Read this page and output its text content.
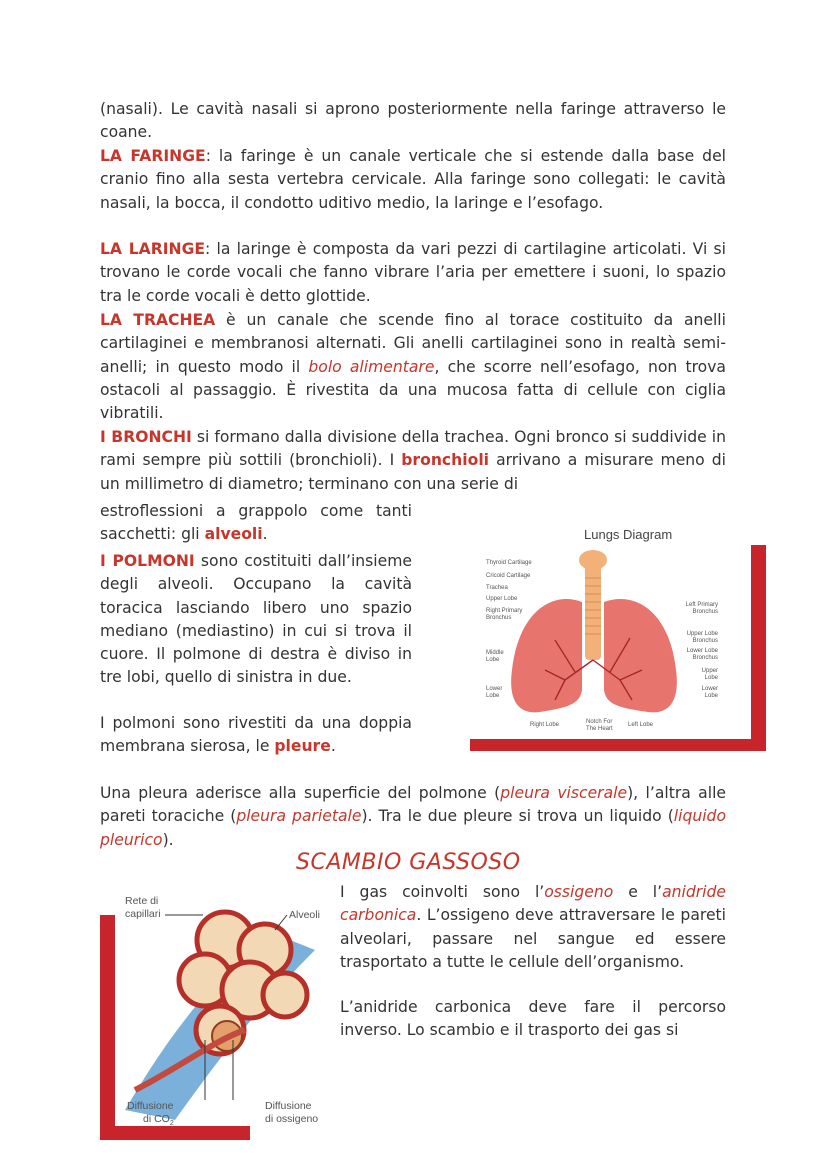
(nasali). Le cavità nasali si aprono posteriormente nella faringe attraverso le coane.
LA FARINGE: la faringe è un canale verticale che si estende dalla base del cranio fino alla sesta vertebra cervicale. Alla faringe sono collegati: le cavità nasali, la bocca, il condotto uditivo medio, la laringe e l’esofago.
LA LARINGE: la laringe è composta da vari pezzi di cartilagine articolati. Vi si trovano le corde vocali che fanno vibrare l’aria per emettere i suoni, lo spazio tra le corde vocali è detto glottide.
LA TRACHEA è un canale che scende fino al torace costituito da anelli cartilaginei e membranosi alternati. Gli anelli cartilaginei sono in realtà semi-anelli; in questo modo il bolo alimentare, che scorre nell’esofago, non trova ostacoli al passaggio. È rivestita da una mucosa fatta di cellule con ciglia vibratili.
I BRONCHI si formano dalla divisione della trachea. Ogni bronco si suddivide in rami sempre più sottili (bronchioli). I bronchioli arrivano a misurare meno di un millimetro di diametro; terminano con una serie di
estroflessioni a grappolo come tanti sacchetti: gli alveoli.
I POLMONI sono costituiti dall’insieme degli alveoli. Occupano la cavità toracica lasciando libero uno spazio mediano (mediastino) in cui si trova il cuore. Il polmone di destra è diviso in tre lobi, quello di sinistra in due.
I polmoni sono rivestiti da una doppia membrana sierosa, le pleure.
Una pleura aderisce alla superficie del polmone (pleura viscerale), l’altra alle pareti toraciche (pleura parietale). Tra le due pleure si trova un liquido (liquido pleurico).
SCAMBIO GASSOSO
I gas coinvolti sono l’ossigeno e l’anidride carbonica. L’ossigeno deve attraversare le pareti alveolari, passare nel sangue ed essere trasportato a tutte le cellule dell’organismo.
L’anidride carbonica deve fare il percorso inverso. Lo scambio e il trasporto dei gas si
Lungs Diagram
Thyroid Cartilage
Cricoid Cartilage
Trachea
Upper Lobe
Right Primary
Bronchus
Middle
Lobe
Lower
Lobe
Left Primary
Bronchus
Upper Lobe
Bronchus
Lower Lobe
Bronchus
Upper
Lobe
Lower
Lobe
Right Lobe	Notch For
The Heart
Left Lobe
Rete di
capillari	Alveoli
Diffusione
di $CO_2$
Diffusione
di ossigeno
